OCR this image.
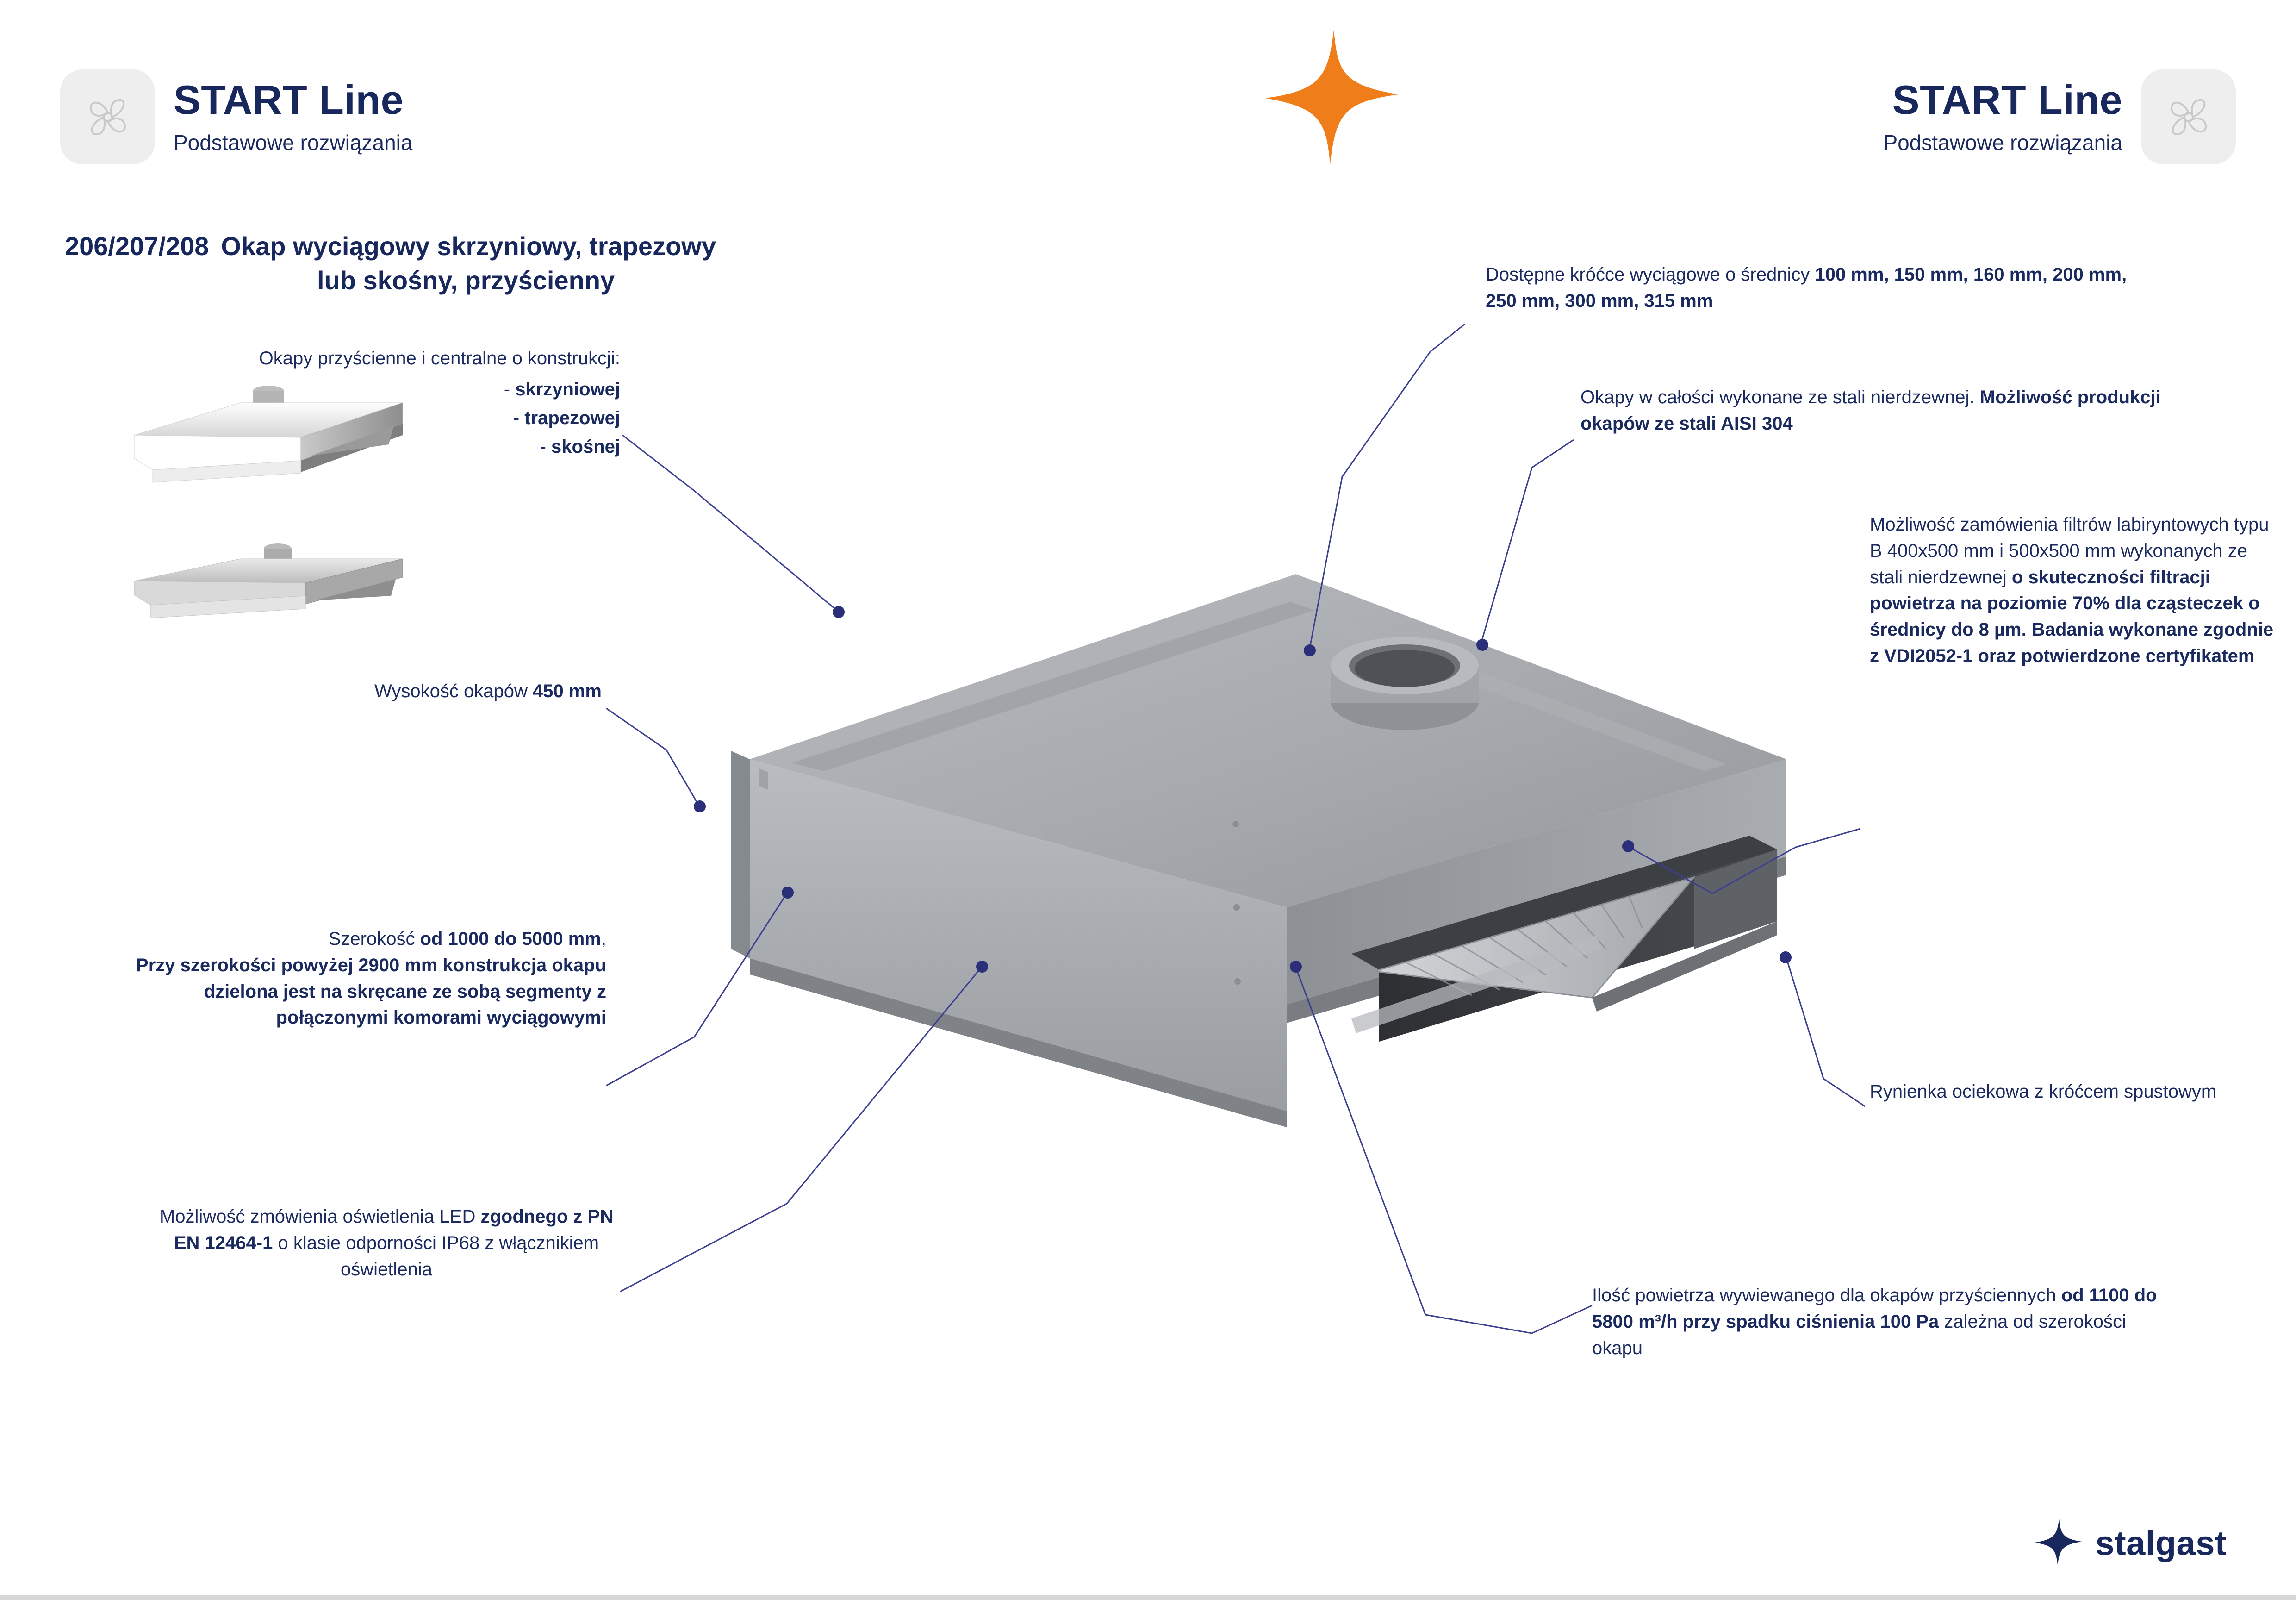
START Line
Podstawowe rozwiązania
START Line
Podstawowe rozwiązania
206/207/208 Okap wyciągowy skrzyniowy, trapezowy
lub skośny, przyścienny
Okapy przyścienne i centralne o konstrukcji:
- skrzyniowej
- trapezowej
- skośnej
Dostępne króćce wyciągowe o średnicy 100 mm, 150 mm, 160 mm, 200 mm, 250 mm, 300 mm, 315 mm
Okapy w całości wykonane ze stali nierdzewnej. Możliwość produkcji okapów ze stali AISI 304
Możliwość zamówienia filtrów labiryntowych typu B 400x500 mm i 500x500 mm wykonanych ze stali nierdzewnej o skuteczności filtracji powietrza na poziomie 70% dla cząsteczek o średnicy do 8 µm. Badania wykonane zgodnie z VDI2052-1 oraz potwierdzone certyfikatem
Wysokość okapów 450 mm
Szerokość od 1000 do 5000 mm,
Przy szerokości powyżej 2900 mm konstrukcja okapu dzielona jest na skręcane ze sobą segmenty z połączonymi komorami wyciągowymi
Możliwość zmówienia oświetlenia LED zgodnego z PN EN 12464-1 o klasie odporności IP68 z włącznikiem oświetlenia
Rynienka ociekowa z króćcem spustowym
Ilość powietrza wywiewanego dla okapów przyściennych od 1100 do 5800 m³/h przy spadku ciśnienia 100 Pa zależna od szerokości okapu
stalgast
